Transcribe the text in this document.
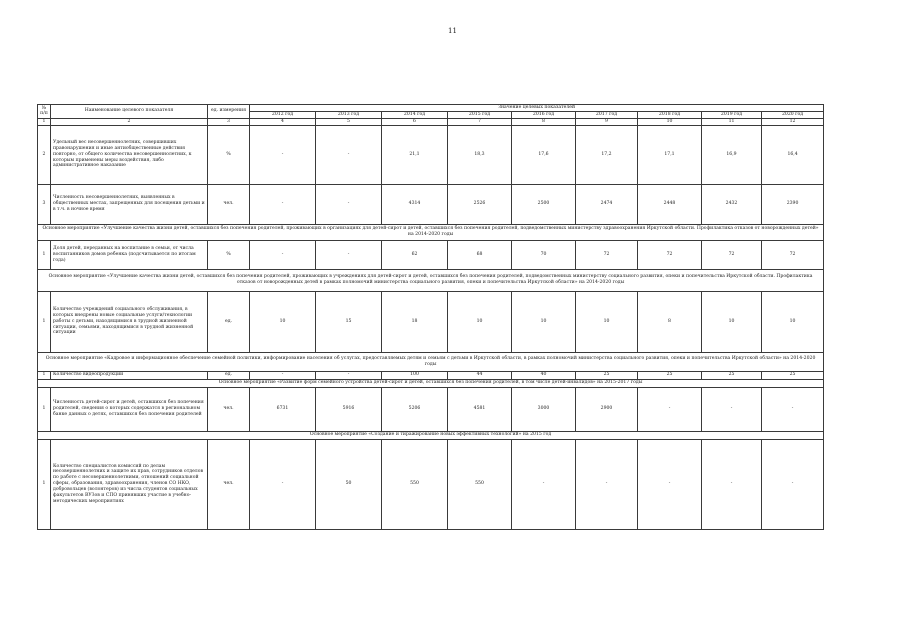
11
№ п/п	Наименование целевого показателя	ед. измерения	Значение целевых показателей								
			2012 год	2013 год	2014 год	2015 год	2016 год	2017 год	2018 год	2019 год	2020 год
1	2	3	4	5	6	7	8	9	10	11	12
2	Удельный вес несовершеннолетних, совершивших правонарушения и иные антиобщественные действия повторно, от общего количества несовершеннолетних, к которым применены меры воздействия, либо административное наказание	%	-	-	21,1	18,3	17,6	17,2	17,1	16,9	16,4
3	Численность несовершеннолетних, выявленных в общественных местах, запрещенных для посещения детьми и в т.ч. в ночное время	чел.	-	-	4314	2526	2500	2474	2448	2432	2390
Основное мероприятие «Улучшение качества жизни детей, оставшихся без попечения родителей, проживающих в организациях для детей-сирот и детей, оставшихся без попечения родителей, подведомственных министерству здравоохранения Иркутской области. Профилактика отказов от новорожденных детей» на 2014-2020 годы											
1	Доля детей, переданных на воспитание в семьи, от числа воспитанников домов ребенка (подсчитывается по итогам года)	%	-	-	62	68	70	72	72	72	72
Основное мероприятие «Улучшение качества жизни детей, оставшихся без попечения родителей, проживающих в учреждениях для детей-сирот и детей, оставшихся без попечения родителей, подведомственных министерству социального развития, опеки и попечительства Иркутской области. Профилактика отказов от новорожденных детей в рамках полномочий министерства социального развития, опеки и попечительства Иркутской области» на 2014-2020 годы											
1	Количество учреждений социального обслуживания, в которых внедрены новые социальные услуги/технологии работы с детьми, находящимися в трудной жизненной ситуации, семьями, находящимися в трудной жизненной ситуации	ед.	10	15	18	10	10	10	8	10	10
Основное мероприятие «Кадровое и информационное обеспечение семейной политики, информирование населения об услугах, предоставляемых детям и семьям с детьми в Иркутской области, в рамках полномочий министерства социального развития, опеки и попечительства Иркутской области» на 2014-2020 годы											
1	Количество видеопродукции	ед.	-	-	100	44	40	25	25	25	25
Основное мероприятие «Развитие форм семейного устройства детей-сирот и детей, оставшихся без попечения родителей, в том числе детей-инвалидов» на 2015-2017 годы											
1	Численность детей-сирот и детей, оставшихся без попечения родителей, сведения о которых содержатся в региональном банке данных о детях, оставшихся без попечения родителей	чел.	6731	5916	5206	4581	3000	2900	-	-	-
Основное мероприятие «Создание и тиражирование новых эффективных технологий» на 2015 год											
1	Количество специалистов комиссий по делам несовершеннолетних и защите их прав, сотрудников отделов по работе с несовершеннолетними, отношений социальной сферы, образования, здравоохранения, членов СО НКО, добровольцев (волонтеров) из числа студентов социальных факультетов ВУЗов и СПО принявших участие в учебно-методических мероприятиях	чел.	-	50	550	550	-	-	-	-	-
